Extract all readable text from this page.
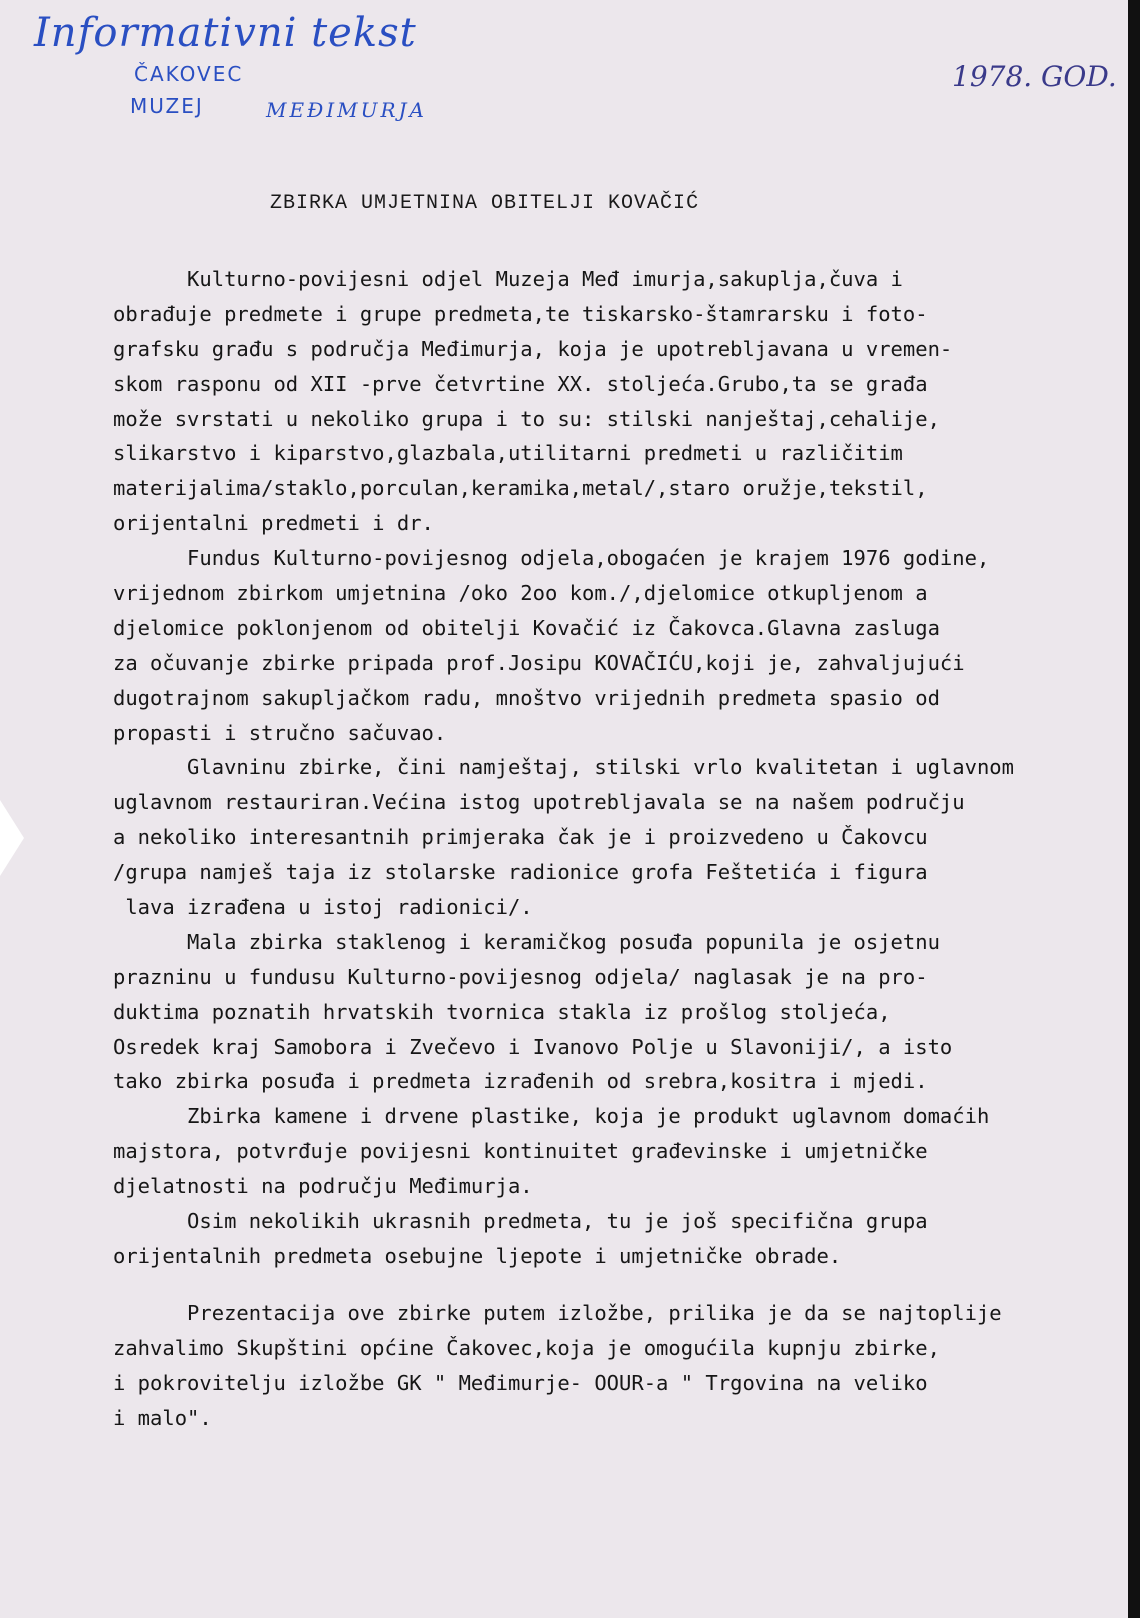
Informativni tekst
ČAKOVEC
MUZEJ	MEĐIMURJA
1978. GOD.
ZBIRKA UMJETNINA OBITELJI KOVAČIĆ
Kulturno-povijesni odjel Muzeja Međ imurja,sakuplja,čuva i
obrađuje predmete i grupe predmeta,te tiskarsko-štamrarsku i foto-
grafsku građu s područja Međimurja, koja je upotrebljavana u vremen-
skom rasponu od XII -prve četvrtine XX. stoljeća.Grubo,ta se građa
može svrstati u nekoliko grupa i to su: stilski nanještaj,cehalije,
slikarstvo i kiparstvo,glazbala,utilitarni predmeti u različitim
materijalima/staklo,porculan,keramika,metal/,staro oružje,tekstil,
orijentalni predmeti i dr.
Fundus Kulturno-povijesnog odjela,obogaćen je krajem 1976 godine,
vrijednom zbirkom umjetnina /oko 2oo kom./,djelomice otkupljenom a
djelomice poklonjenom od obitelji Kovačić iz Čakovca.Glavna zasluga
za očuvanje zbirke pripada prof.Josipu KOVAČIĆU,koji je, zahvaljujući
dugotrajnom sakupljačkom radu, mnoštvo vrijednih predmeta spasio od
propasti i stručno sačuvao.
Glavninu zbirke, čini namještaj, stilski vrlo kvalitetan i uglavnom
uglavnom restauriran.Većina istog upotrebljavala se na našem području
a nekoliko interesantnih primjeraka čak je i proizvedeno u Čakovcu
/grupa namješ taja iz stolarske radionice grofa Feštetića i figura
lava izrađena u istoj radionici/.
Mala zbirka staklenog i keramičkog posuđa popunila je osjetnu
prazninu u fundusu Kulturno-povijesnog odjela/ naglasak je na pro-
duktima poznatih hrvatskih tvornica stakla iz prošlog stoljeća,
Osredek kraj Samobora i Zvečevo i Ivanovo Polje u Slavoniji/, a isto
tako zbirka posuđa i predmeta izrađenih od srebra,kositra i mjedi.
Zbirka kamene i drvene plastike, koja je produkt uglavnom domaćih
majstora, potvrđuje povijesni kontinuitet građevinske i umjetničke
djelatnosti na području Međimurja.
Osim nekolikih ukrasnih predmeta, tu je još specifična grupa
orijentalnih predmeta osebujne ljepote i umjetničke obrade.
Prezentacija ove zbirke putem izložbe, prilika je da se najtoplije
zahvalimo Skupštini općine Čakovec,koja je omogućila kupnju zbirke,
i pokrovitelju izložbe GK " Međimurje- OOUR-a " Trgovina na veliko
i malo".
